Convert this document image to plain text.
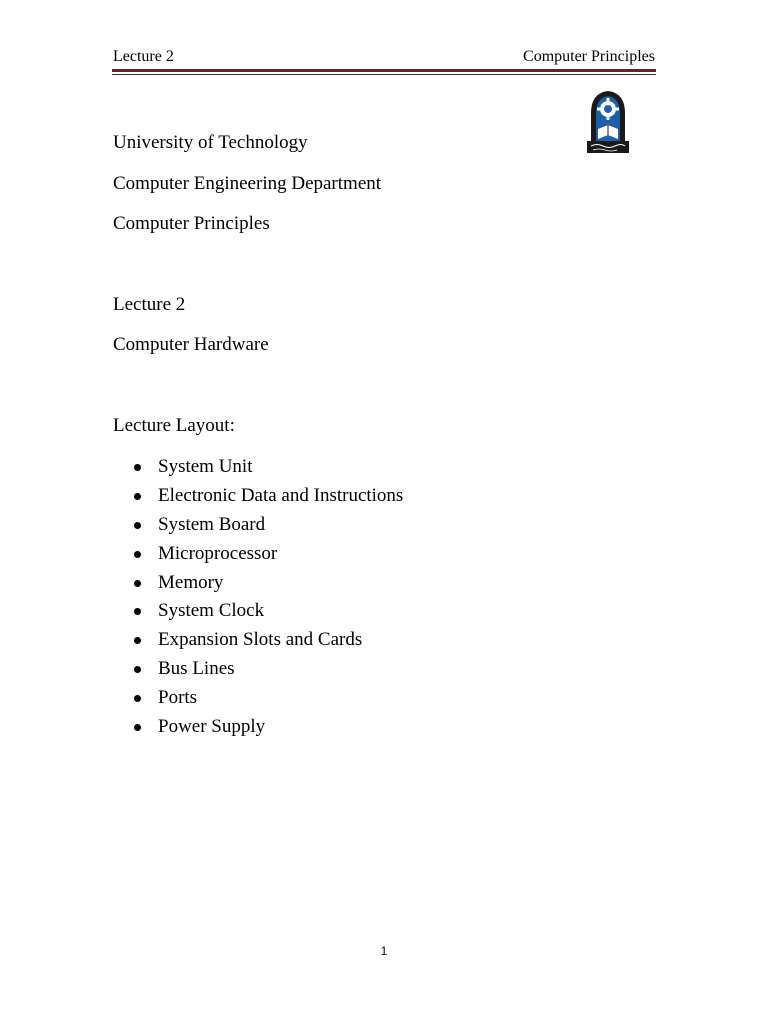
Lecture 2	Computer Principles
University of Technology
Computer Engineering Department
Computer Principles
Lecture 2
Computer Hardware
Lecture Layout:
System Unit
Electronic Data and Instructions
System Board
Microprocessor
Memory
System Clock
Expansion Slots and Cards
Bus Lines
Ports
Power Supply
1
